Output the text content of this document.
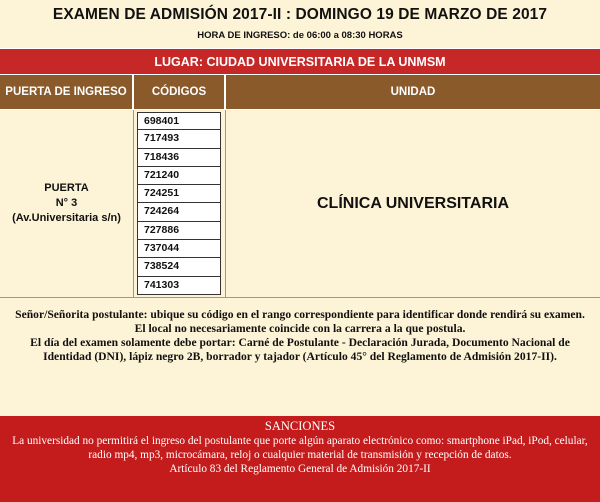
EXAMEN DE ADMISIÓN 2017-II : DOMINGO 19 DE MARZO DE 2017
HORA DE INGRESO: de 06:00 a 08:30 HORAS
LUGAR: CIUDAD UNIVERSITARIA DE LA UNMSM
PUERTA DE INGRESO	CÓDIGOS	UNIDAD
PUERTA
N° 3
(Av.Universitaria s/n)
698401
717493
718436
721240
724251
724264
727886
737044
738524
741303
CLÍNICA UNIVERSITARIA

Señor/Señorita postulante: ubique su código en el rango correspondiente para identificar donde rendirá su examen. El local no necesariamente coincide con la carrera a la que postula.

El día del examen solamente debe portar: Carné de Postulante - Declaración Jurada, Documento Nacional de Identidad (DNI), lápiz negro 2B, borrador y tajador (Artículo 45° del Reglamento de Admisión 2017-II).

SANCIONES
La universidad no permitirá el ingreso del postulante que porte algún aparato electrónico como: smartphone iPad, iPod, celular, radio mp4, mp3, microcámara, reloj o cualquier material de transmisión y recepción de datos.
Artículo 83 del Reglamento General de Admisión 2017-II
